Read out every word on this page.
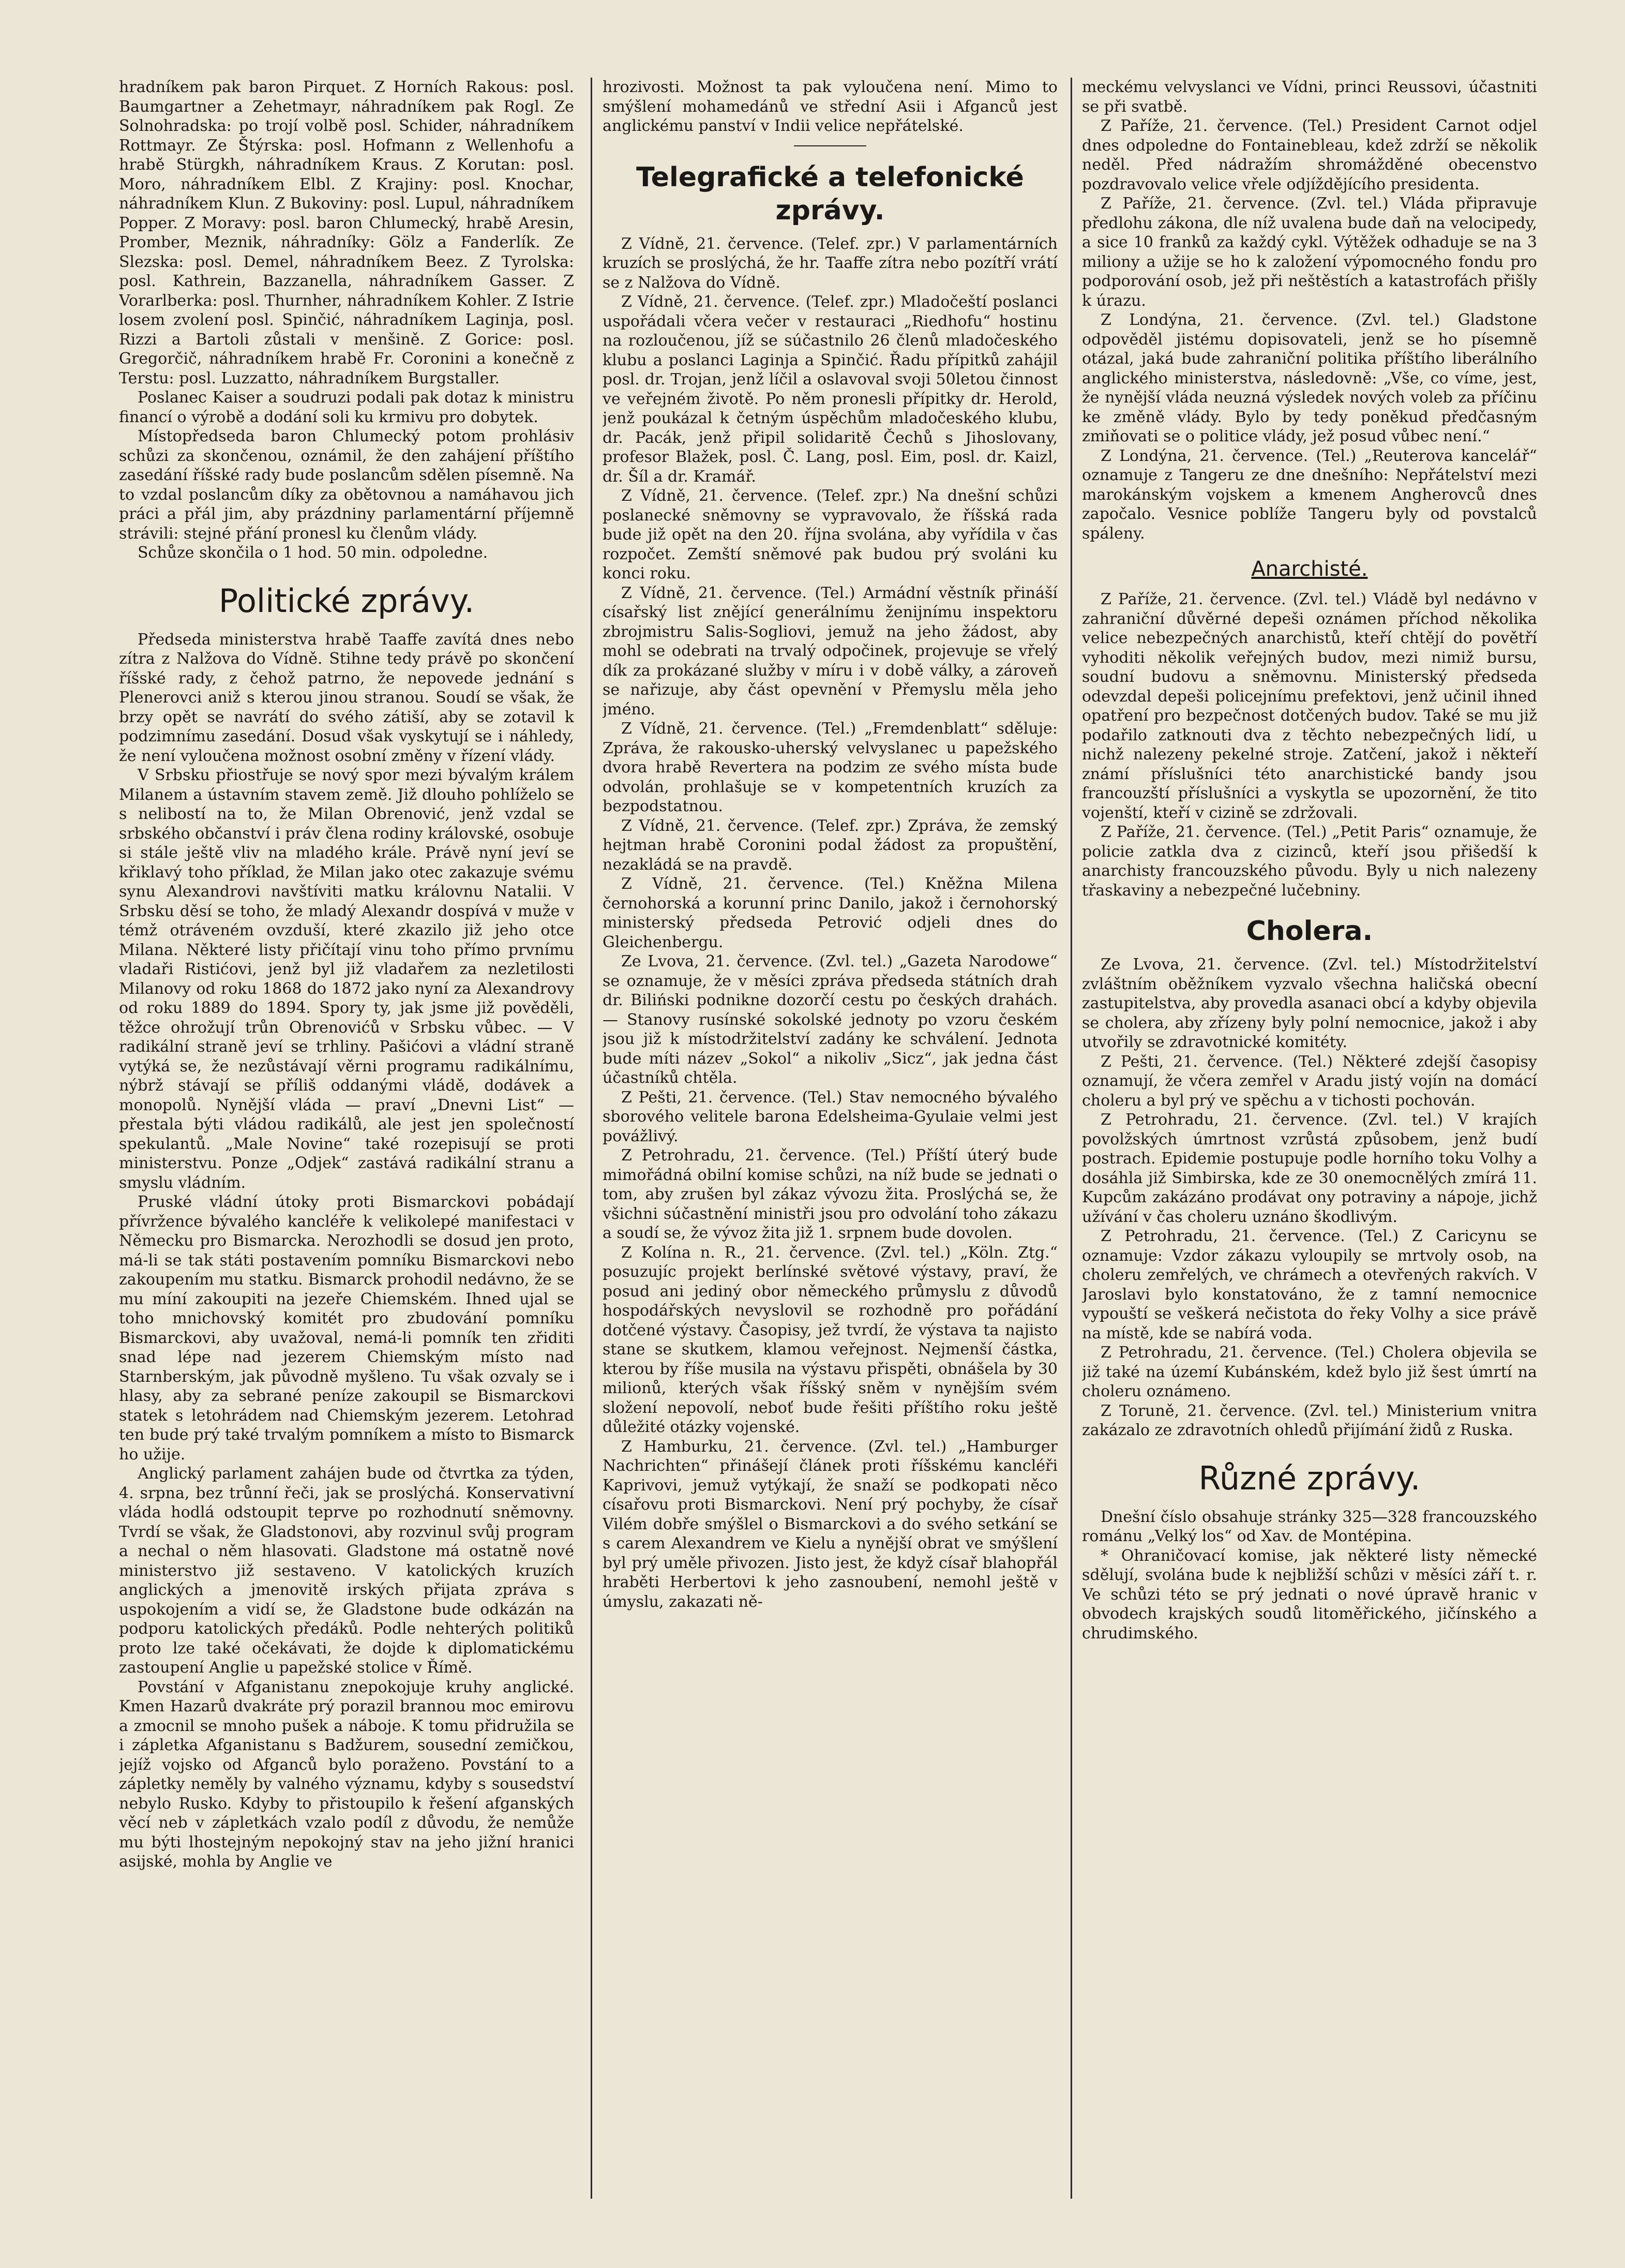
hradníkem pak baron Pirquet. Z Horních Rakous: posl. Baumgartner a Zehetmayr, náhradníkem pak Rogl. Ze Solnohradska: po trojí volbě posl. Schider, náhradníkem Rottmayr. Ze Štýrska: posl. Hofmann z Wellenhofu a hrabě Stürgkh, náhradníkem Kraus. Z Korutan: posl. Moro, náhradníkem Elbl. Z Krajiny: posl. Knochar, náhradníkem Klun. Z Bukoviny: posl. Lupul, náhradníkem Popper. Z Moravy: posl. baron Chlumecký, hrabě Aresin, Promber, Meznik, náhradníky: Gölz a Fanderlík. Ze Slezska: posl. Demel, náhradníkem Beez. Z Tyrolska: posl. Kathrein, Bazzanella, náhradníkem Gasser. Z Vorarlberka: posl. Thurnher, náhradníkem Kohler. Z Istrie losem zvolení posl. Spinčić, náhradníkem Laginja, posl. Rizzi a Bartoli zůstali v menšině. Z Gorice: posl. Gregorčič, náhradníkem hrabě Fr. Coronini a konečně z Terstu: posl. Luzzatto, náhradníkem Burgstaller.

Poslanec Kaiser a soudruzi podali pak dotaz k ministru financí o výrobě a dodání soli ku krmivu pro dobytek.

Místopředseda baron Chlumecký potom prohlásiv schůzi za skončenou, oznámil, že den zahájení příštího zasedání říšské rady bude poslancům sdělen písemně. Na to vzdal poslancům díky za obětovnou a namáhavou jich práci a přál jim, aby prázdniny parlamentární příjemně strávili: stejné přání pronesl ku členům vlády.

Schůze skončila o 1 hod. 50 min. odpoledne.

Politické zprávy.

Předseda ministerstva hrabě Taaffe zavítá dnes nebo zítra z Nalžova do Vídně. Stihne tedy právě po skončení říšské rady, z čehož patrno, že nepovede jednání s Plenerovci aniž s kterou jinou stranou. Soudí se však, že brzy opět se navrátí do svého zátiší, aby se zotavil k podzimnímu zasedání. Dosud však vyskytují se i náhledy, že není vyloučena možnost osobní změny v řízení vlády.

V Srbsku přiostřuje se nový spor mezi bývalým králem Milanem a ústavním stavem země. Již dlouho pohlíželo se s nelibostí na to, že Milan Obrenović, jenž vzdal se srbského občanství i práv člena rodiny královské, osobuje si stále ještě vliv na mladého krále. Právě nyní jeví se křiklavý toho příklad, že Milan jako otec zakazuje svému synu Alexandrovi navštíviti matku královnu Natalii. V Srbsku děsí se toho, že mladý Alexandr dospívá v muže v témž otráveném ovzduší, které zkazilo již jeho otce Milana. Některé listy přičítají vinu toho přímo prvnímu vladaři Ristićovi, jenž byl již vladařem za nezletilosti Milanovy od roku 1868 do 1872 jako nyní za Alexandrovy od roku 1889 do 1894. Spory ty, jak jsme již pověděli, těžce ohrožují trůn Obrenovićů v Srbsku vůbec. — V radikální straně jeví se trhliny. Pašićovi a vládní straně vytýká se, že nezůstávají věrni programu radikálnímu, nýbrž stávají se příliš oddanými vládě, dodávek a monopolů. Nynější vláda — praví „Dnevni List“ — přestala býti vládou radikálů, ale jest jen společností spekulantů. „Male Novine“ také rozepisují se proti ministerstvu. Ponze „Odjek“ zastává radikální stranu a smyslu vládním.

Pruské vládní útoky proti Bismarckovi pobádají přívržence bývalého kancléře k velikolepé manifestaci v Německu pro Bismarcka. Nerozhodli se dosud jen proto, má-li se tak státi postavením pomníku Bismarckovi nebo zakoupením mu statku. Bismarck prohodil nedávno, že se mu míní zakoupiti na jezeře Chiemském. Ihned ujal se toho mnichovský komitét pro zbudování pomníku Bismarckovi, aby uvažoval, nemá-li pomník ten zřiditi snad lépe nad jezerem Chiemským místo nad Starnberským, jak původně myšleno. Tu však ozvaly se i hlasy, aby za sebrané peníze zakoupil se Bismarckovi statek s letohrádem nad Chiemským jezerem. Letohrad ten bude prý také trvalým pomníkem a místo to Bismarck ho užije.

Anglický parlament zahájen bude od čtvrtka za týden, 4. srpna, bez trůnní řeči, jak se proslýchá. Konservativní vláda hodlá odstoupit teprve po rozhodnutí sněmovny. Tvrdí se však, že Gladstonovi, aby rozvinul svůj program a nechal o něm hlasovati. Gladstone má ostatně nové ministerstvo již sestaveno. V katolických kruzích anglických a jmenovitě irských přijata zpráva s uspokojením a vidí se, že Gladstone bude odkázán na podporu katolických předáků. Podle nehterých politiků proto lze také očekávati, že dojde k diplomatickému zastoupení Anglie u papežské stolice v Římě.

Povstání v Afganistanu znepokojuje kruhy anglické. Kmen Hazarů dvakráte prý porazil brannou moc emirovu a zmocnil se mnoho pušek a náboje. K tomu přidružila se i zápletka Afganistanu s Badžurem, sousední zemičkou, jejíž vojsko od Afganců bylo poraženo. Povstání to a zápletky neměly by valného významu, kdyby s sousedství nebylo Rusko. Kdyby to přistoupilo k řešení afganských věcí neb v zápletkách vzalo podíl z důvodu, že nemůže mu býti lhostejným nepokojný stav na jeho jižní hranici asijské, mohla by Anglie ve

hrozivosti. Možnost ta pak vyloučena není. Mimo to smýšlení mohamedánů ve střední Asii i Afganců jest anglickému panství v Indii velice nepřátelské.

Telegrafické a telefonické zprávy.

Z Vídně, 21. července. (Telef. zpr.) V parlamentárních kruzích se proslýchá, že hr. Taaffe zítra nebo pozítří vrátí se z Nalžova do Vídně.

Z Vídně, 21. července. (Telef. zpr.) Mladočeští poslanci uspořádali včera večer v restauraci „Riedhofu“ hostinu na rozloučenou, jíž se súčastnilo 26 členů mladočeského klubu a poslanci Laginja a Spinčić. Řadu přípitků zahájil posl. dr. Trojan, jenž líčil a oslavoval svoji 50letou činnost ve veřejném životě. Po něm pronesli přípitky dr. Herold, jenž poukázal k četným úspěchům mladočeského klubu, dr. Pacák, jenž připil solidaritě Čechů s Jihoslovany, profesor Blažek, posl. Č. Lang, posl. Eim, posl. dr. Kaizl, dr. Šíl a dr. Kramář.

Z Vídně, 21. července. (Telef. zpr.) Na dnešní schůzi poslanecké sněmovny se vypravovalo, že říšská rada bude již opět na den 20. října svolána, aby vyřídila v čas rozpočet. Zemští sněmové pak budou prý svoláni ku konci roku.

Z Vídně, 21. července. (Tel.) Armádní věstník přináší císařský list znějící generálnímu ženijnímu inspektoru zbrojmistru Salis-Sogliovi, jemuž na jeho žádost, aby mohl se odebrati na trvalý odpočinek, projevuje se vřelý dík za prokázané služby v míru i v době války, a zároveň se nařizuje, aby část opevnění v Přemyslu měla jeho jméno.

Z Vídně, 21. července. (Tel.) „Fremdenblatt“ sděluje: Zpráva, že rakousko-uherský velvyslanec u papežského dvora hrabě Revertera na podzim ze svého místa bude odvolán, prohlašuje se v kompetentních kruzích za bezpodstatnou.

Z Vídně, 21. července. (Telef. zpr.) Zpráva, že zemský hejtman hrabě Coronini podal žádost za propuštění, nezakládá se na pravdě.

Z Vídně, 21. července. (Tel.) Kněžna Milena černohorská a korunní princ Danilo, jakož i černohorský ministerský předseda Petrović odjeli dnes do Gleichenbergu.

Ze Lvova, 21. července. (Zvl. tel.) „Gazeta Narodowe“ se oznamuje, že v měsíci zpráva předseda státních drah dr. Biliński podnikne dozorčí cestu po českých drahách. — Stanovy rusínské sokolské jednoty po vzoru českém jsou již k místodržitelství zadány ke schválení. Jednota bude míti název „Sokol“ a nikoliv „Sicz“, jak jedna část účastníků chtěla.

Z Pešti, 21. července. (Tel.) Stav nemocného bývalého sborového velitele barona Edelsheima-Gyulaie velmi jest povážlivý.

Z Petrohradu, 21. července. (Tel.) Příští úterý bude mimořádná obilní komise schůzi, na níž bude se jednati o tom, aby zrušen byl zákaz vývozu žita. Proslýchá se, že všichni súčastnění ministři jsou pro odvolání toho zákazu a soudí se, že vývoz žita již 1. srpnem bude dovolen.

Z Kolína n. R., 21. července. (Zvl. tel.) „Köln. Ztg.“ posuzujíc projekt berlínské světové výstavy, praví, že posud ani jediný obor německého průmyslu z důvodů hospodářských nevyslovil se rozhodně pro pořádání dotčené výstavy. Časopisy, jež tvrdí, že výstava ta najisto stane se skutkem, klamou veřejnost. Nejmenší částka, kterou by říše musila na výstavu přispěti, obnášela by 30 milionů, kterých však říšský sněm v nynějším svém složení nepovolí, neboť bude řešiti příštího roku ještě důležité otázky vojenské.

Z Hamburku, 21. července. (Zvl. tel.) „Hamburger Nachrichten“ přinášejí článek proti říšskému kancléři Kaprivovi, jemuž vytýkají, že snaží se podkopati něco císařovu proti Bismarckovi. Není prý pochyby, že císař Vilém dobře smýšlel o Bismarckovi a do svého setkání se s carem Alexandrem ve Kielu a nynější obrat ve smýšlení byl prý uměle přivozen. Jisto jest, že když císař blahopřál hraběti Herbertovi k jeho zasnoubení, nemohl ještě v úmyslu, zakazati ně-

meckému velvyslanci ve Vídni, princi Reussovi, účastniti se při svatbě.

Z Paříže, 21. července. (Tel.) President Carnot odjel dnes odpoledne do Fontainebleau, kdež zdrží se několik neděl. Před nádražím shromážděné obecenstvo pozdravovalo velice vřele odjíždějícího presidenta.

Z Paříže, 21. července. (Zvl. tel.) Vláda připravuje předlohu zákona, dle níž uvalena bude daň na velocipedy, a sice 10 franků za každý cykl. Výtěžek odhaduje se na 3 miliony a užije se ho k založení výpomocného fondu pro podporování osob, jež při neštěstích a katastrofách přišly k úrazu.

Z Londýna, 21. července. (Zvl. tel.) Gladstone odpověděl jistému dopisovateli, jenž se ho písemně otázal, jaká bude zahraniční politika příštího liberálního anglického ministerstva, následovně: „Vše, co víme, jest, že nynější vláda neuzná výsledek nových voleb za příčinu ke změně vlády. Bylo by tedy poněkud předčasným zmiňovati se o politice vlády, jež posud vůbec není.“

Z Londýna, 21. července. (Tel.) „Reuterova kancelář“ oznamuje z Tangeru ze dne dnešního: Nepřátelství mezi marokánským vojskem a kmenem Angherovců dnes započalo. Vesnice poblíže Tangeru byly od povstalců spáleny.

Anarchisté.

Z Paříže, 21. července. (Zvl. tel.) Vládě byl nedávno v zahraniční důvěrné depeši oznámen příchod několika velice nebezpečných anarchistů, kteří chtějí do povětří vyhoditi několik veřejných budov, mezi nimiž bursu, soudní budovu a sněmovnu. Ministerský předseda odevzdal depeši policejnímu prefektovi, jenž učinil ihned opatření pro bezpečnost dotčených budov. Také se mu již podařilo zatknouti dva z těchto nebezpečných lidí, u nichž nalezeny pekelné stroje. Zatčení, jakož i někteří známí příslušníci této anarchistické bandy jsou francouzští příslušníci a vyskytla se upozornění, že tito vojenští, kteří v cizině se zdržovali.

Z Paříže, 21. července. (Tel.) „Petit Paris“ oznamuje, že policie zatkla dva z cizinců, kteří jsou přišedší k anarchisty francouzského původu. Byly u nich nalezeny třaskaviny a nebezpečné lučebniny.

Cholera.

Ze Lvova, 21. července. (Zvl. tel.) Místodržitelství zvláštním oběžníkem vyzvalo všechna haličská obecní zastupitelstva, aby provedla asanaci obcí a kdyby objevila se cholera, aby zřízeny byly polní nemocnice, jakož i aby utvořily se zdravotnické komitéty.

Z Pešti, 21. července. (Tel.) Některé zdejší časopisy oznamují, že včera zemřel v Aradu jistý vojín na domácí choleru a byl prý ve spěchu a v tichosti pochován.

Z Petrohradu, 21. července. (Zvl. tel.) V krajích povolžských úmrtnost vzrůstá způsobem, jenž budí postrach. Epidemie postupuje podle horního toku Volhy a dosáhla již Simbirska, kde ze 30 onemocnělých zmírá 11. Kupcům zakázáno prodávat ony potraviny a nápoje, jichž užívání v čas choleru uznáno škodlivým.

Z Petrohradu, 21. července. (Tel.) Z Caricynu se oznamuje: Vzdor zákazu vyloupily se mrtvoly osob, na choleru zemřelých, ve chrámech a otevřených rakvích. V Jaroslavi bylo konstatováno, že z tamní nemocnice vypouští se veškerá nečistota do řeky Volhy a sice právě na místě, kde se nabírá voda.

Z Petrohradu, 21. července. (Tel.) Cholera objevila se již také na území Kubánském, kdež bylo již šest úmrtí na choleru oznámeno.

Z Toruně, 21. července. (Zvl. tel.) Ministerium vnitra zakázalo ze zdravotních ohledů přijímání židů z Ruska.

Různé zprávy.

Dnešní číslo obsahuje stránky 325—328 francouzského románu „Velký los“ od Xav. de Montépina.

* Ohraničovací komise, jak některé listy německé sdělují, svolána bude k nejbližší schůzi v měsíci září t. r. Ve schůzi této se prý jednati o nové úpravě hranic v obvodech krajských soudů litoměřického, jičínského a chrudimského.
